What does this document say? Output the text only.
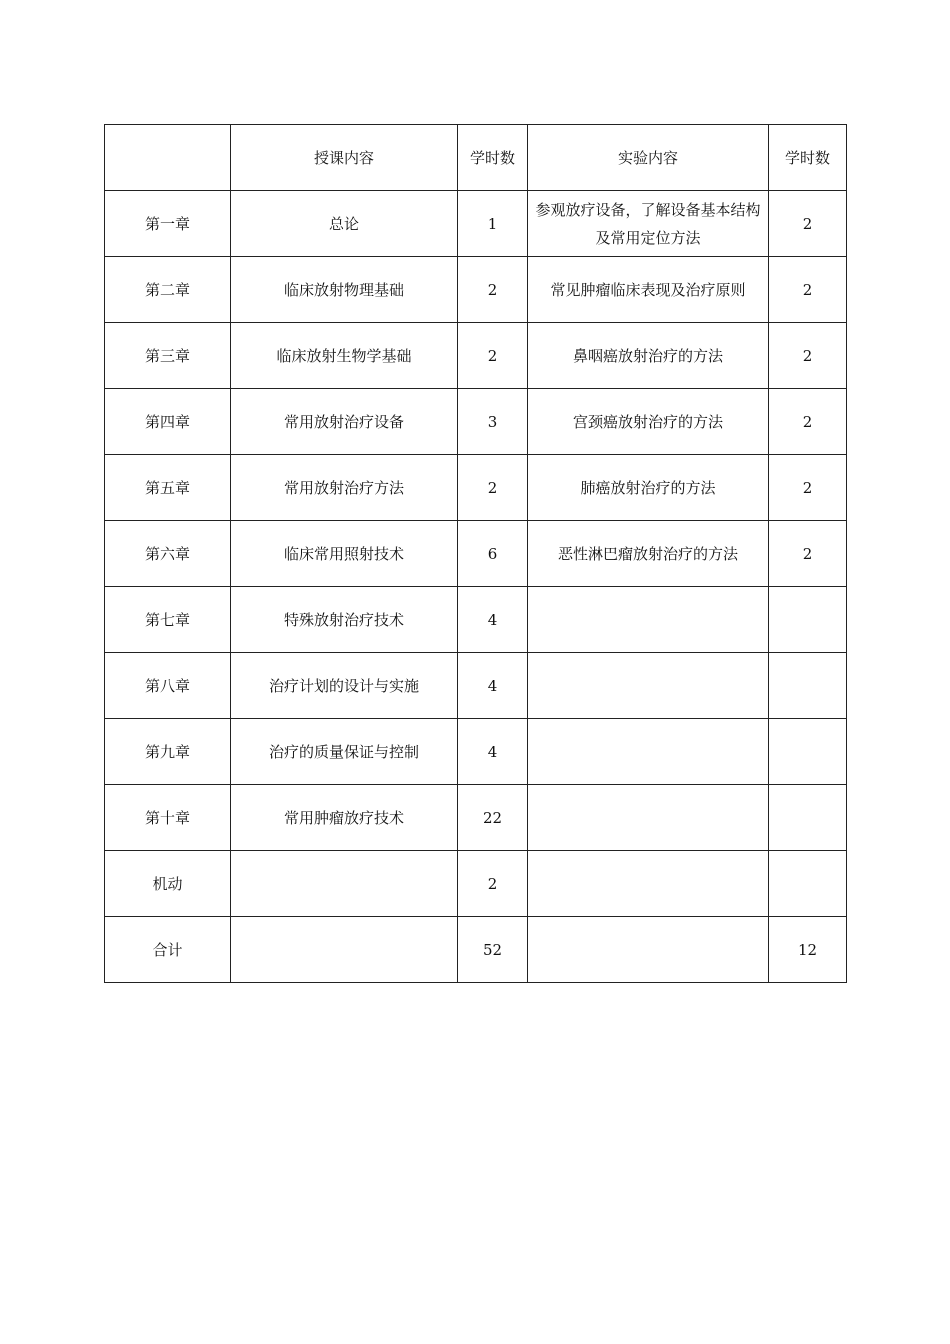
	授课内容	学时数	实验内容	学时数
第一章	总论	1	参观放疗设备，了解设备基本结构及常用定位方法	2
第二章	临床放射物理基础	2	常见肿瘤临床表现及治疗原则	2
第三章	临床放射生物学基础	2	鼻咽癌放射治疗的方法	2
第四章	常用放射治疗设备	3	宫颈癌放射治疗的方法	2
第五章	常用放射治疗方法	2	肺癌放射治疗的方法	2
第六章	临床常用照射技术	6	恶性淋巴瘤放射治疗的方法	2
第七章	特殊放射治疗技术	4		
第八章	治疗计划的设计与实施	4		
第九章	治疗的质量保证与控制	4		
第十章	常用肿瘤放疗技术	22		
机动		2		
合计		52		12
